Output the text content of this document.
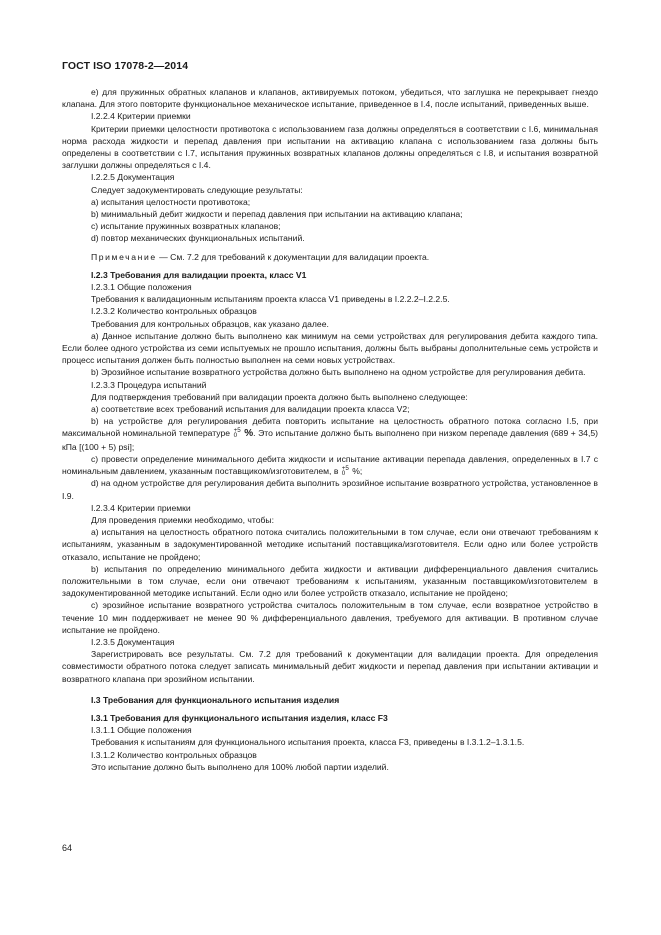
ГОСТ ISO 17078-2—2014

e) для пружинных обратных клапанов и клапанов, активируемых потоком, убедиться, что заглушка не перекрывает гнездо клапана. Для этого повторите функциональное механическое испытание, приведенное в I.4, после испытаний, приведенных выше.

I.2.2.4 Критерии приемки

Критерии приемки целостности противотока с использованием газа должны определяться в соответствии с I.6, минимальная норма расхода жидкости и перепад давления при испытании на активацию клапана с использованием газа должны быть определены в соответствии с I.7, испытания пружинных возвратных клапанов должны определяться с I.8, и испытания возвратной заглушки должны определяться с I.4.

I.2.2.5 Документация

Следует задокументировать следующие результаты:

а) испытания целостности противотока;

b) минимальный дебит жидкости и перепад давления при испытании на активацию клапана;

c) испытание пружинных возвратных клапанов;

d) повтор механических функциональных испытаний.

Примечание — См. 7.2 для требований к документации для валидации проекта.

I.2.3 Требования для валидации проекта, класс V1

I.2.3.1 Общие положения

Требования к валидационным испытаниям проекта класса V1 приведены в I.2.2.2–I.2.2.5.

I.2.3.2 Количество контрольных образцов

Требования для контрольных образцов, как указано далее.

а) Данное испытание должно быть выполнено как минимум на семи устройствах для регулирования дебита каждого типа. Если более одного устройства из семи испытуемых не прошло испытания, должны быть выбраны дополнительные семь устройств и процесс испытания должен быть полностью выполнен на семи новых устройствах.

b) Эрозийное испытание возвратного устройства должно быть выполнено на одном устройстве для регулирования дебита.

I.2.3.3 Процедура испытаний

Для подтверждения требований при валидации проекта должно быть выполнено следующее:

а) соответствие всех требований испытания для валидации проекта класса V2;

b) на устройстве для регулирования дебита повторить испытание на целостность обратного потока согласно I.5, при максимальной номинальной температуре +5
0 %. Это испытание должно быть выполнено при низком перепаде давления (689 + 34,5) кПа [(100 + 5) psi];

c) провести определение минимального дебита жидкости и испытание активации перепада давления, определенных в I.7 с номинальным давлением, указанным поставщиком/изготовителем, в +5
0 %;

d) на одном устройстве для регулирования дебита выполнить эрозийное испытание возвратного устройства, установленное в I.9.

I.2.3.4 Критерии приемки

Для проведения приемки необходимо, чтобы:

а) испытания на целостность обратного потока считались положительными в том случае, если они отвечают требованиям к испытаниям, указанным в задокументированной методике испытаний поставщика/изготовителя. Если одно или более устройств отказало, испытание не пройдено;

b) испытания по определению минимального дебита жидкости и активации дифференциального давления считались положительными в том случае, если они отвечают требованиям к испытаниям, указанным поставщиком/изготовителем в задокументированной методике испытаний. Если одно или более устройств отказало, испытание не пройдено;

c) эрозийное испытание возвратного устройства считалось положительным в том случае, если возвратное устройство в течение 10 мин поддерживает не менее 90 % дифференциального давления, требуемого для активации. В противном случае испытание не пройдено.

I.2.3.5 Документация

Зарегистрировать все результаты. См. 7.2 для требований к документации для валидации проекта. Для определения совместимости обратного потока следует записать минимальный дебит жидкости и перепад давления при испытании активации и возвратного клапана при эрозийном испытании.

I.3 Требования для функционального испытания изделия

I.3.1 Требования для функционального испытания изделия, класс F3

I.3.1.1 Общие положения

Требования к испытаниям для функционального испытания проекта, класса F3, приведены в I.3.1.2–1.3.1.5.

I.3.1.2 Количество контрольных образцов

Это испытание должно быть выполнено для 100% любой партии изделий.

64
